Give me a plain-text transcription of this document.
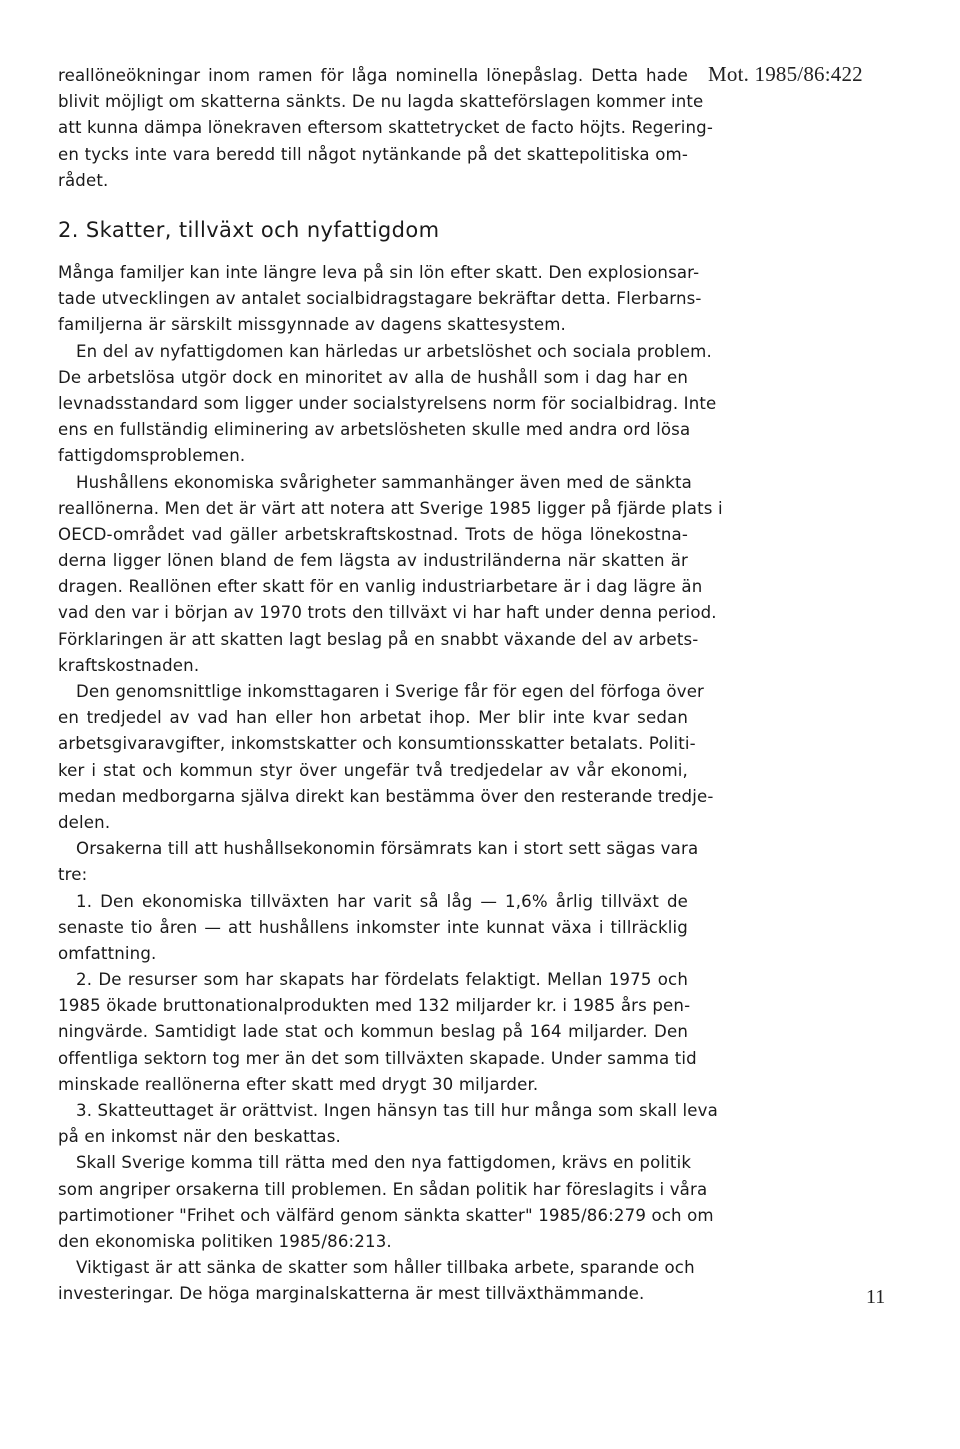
Mot. 1985/86:422
reallöneökningar inom ramen för låga nominella lönepåslag. Detta hade
blivit möjligt om skatterna sänkts. De nu lagda skatteförslagen kommer inte
att kunna dämpa lönekraven eftersom skattetrycket de facto höjts. Regering-
en tycks inte vara beredd till något nytänkande på det skattepolitiska om-
rådet.
2. Skatter, tillväxt och nyfattigdom
Många familjer kan inte längre leva på sin lön efter skatt. Den explosionsar-
tade utvecklingen av antalet socialbidragstagare bekräftar detta. Flerbarns-
familjerna är särskilt missgynnade av dagens skattesystem.
En del av nyfattigdomen kan härledas ur arbetslöshet och sociala problem.
De arbetslösa utgör dock en minoritet av alla de hushåll som i dag har en
levnadsstandard som ligger under socialstyrelsens norm för socialbidrag. Inte
ens en fullständig eliminering av arbetslösheten skulle med andra ord lösa
fattigdomsproblemen.
Hushållens ekonomiska svårigheter sammanhänger även med de sänkta
reallönerna. Men det är värt att notera att Sverige 1985 ligger på fjärde plats i
OECD-området vad gäller arbetskraftskostnad. Trots de höga lönekostna-
derna ligger lönen bland de fem lägsta av industriländerna när skatten är
dragen. Reallönen efter skatt för en vanlig industriarbetare är i dag lägre än
vad den var i början av 1970 trots den tillväxt vi har haft under denna period.
Förklaringen är att skatten lagt beslag på en snabbt växande del av arbets-
kraftskostnaden.
Den genomsnittlige inkomsttagaren i Sverige får för egen del förfoga över
en tredjedel av vad han eller hon arbetat ihop. Mer blir inte kvar sedan
arbetsgivaravgifter, inkomstskatter och konsumtionsskatter betalats. Politi-
ker i stat och kommun styr över ungefär två tredjedelar av vår ekonomi,
medan medborgarna själva direkt kan bestämma över den resterande tredje-
delen.
Orsakerna till att hushållsekonomin försämrats kan i stort sett sägas vara
tre:
1. Den ekonomiska tillväxten har varit så låg — 1,6% årlig tillväxt de
senaste tio åren — att hushållens inkomster inte kunnat växa i tillräcklig
omfattning.
2. De resurser som har skapats har fördelats felaktigt. Mellan 1975 och
1985 ökade bruttonationalprodukten med 132 miljarder kr. i 1985 års pen-
ningvärde. Samtidigt lade stat och kommun beslag på 164 miljarder. Den
offentliga sektorn tog mer än det som tillväxten skapade. Under samma tid
minskade reallönerna efter skatt med drygt 30 miljarder.
3. Skatteuttaget är orättvist. Ingen hänsyn tas till hur många som skall leva
på en inkomst när den beskattas.
Skall Sverige komma till rätta med den nya fattigdomen, krävs en politik
som angriper orsakerna till problemen. En sådan politik har föreslagits i våra
partimotioner "Frihet och välfärd genom sänkta skatter" 1985/86:279 och om
den ekonomiska politiken 1985/86:213.
Viktigast är att sänka de skatter som håller tillbaka arbete, sparande och
investeringar. De höga marginalskatterna är mest tillväxthämmande.	11
